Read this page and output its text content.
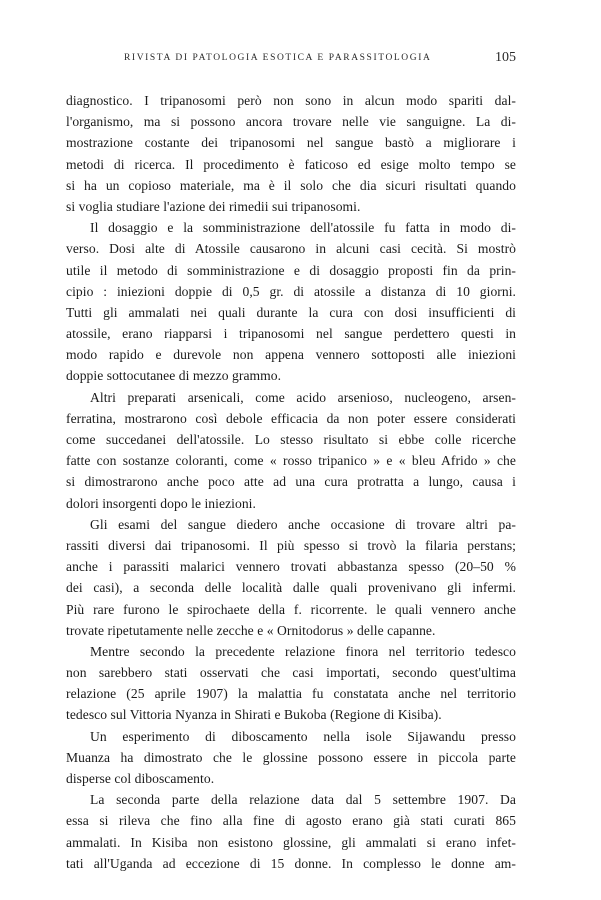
RIVISTA DI PATOLOGIA ESOTICA E PARASSITOLOGIA	105
diagnostico. I tripanosomi però non sono in alcun modo spariti dal-
l'organismo, ma si possono ancora trovare nelle vie sanguigne. La di-
mostrazione costante dei tripanosomi nel sangue bastò a migliorare i
metodi di ricerca. Il procedimento è faticoso ed esige molto tempo se
si ha un copioso materiale, ma è il solo che dia sicuri risultati quando
si voglia studiare l'azione dei rimedii sui tripanosomi.
Il dosaggio e la somministrazione dell'atossile fu fatta in modo di-
verso. Dosi alte di Atossile causarono in alcuni casi cecità. Si mostrò
utile il metodo di somministrazione e di dosaggio proposti fin da prin-
cipio : iniezioni doppie di 0,5 gr. di atossile a distanza di 10 giorni.
Tutti gli ammalati nei quali durante la cura con dosi insufficienti di
atossile, erano riapparsi i tripanosomi nel sangue perdettero questi in
modo rapido e durevole non appena vennero sottoposti alle iniezioni
doppie sottocutanee di mezzo grammo.
Altri preparati arsenicali, come acido arsenioso, nucleogeno, arsen-
ferratina, mostrarono così debole efficacia da non poter essere considerati
come succedanei dell'atossile. Lo stesso risultato si ebbe colle ricerche
fatte con sostanze coloranti, come « rosso tripanico » e « bleu Afrido » che
si dimostrarono anche poco atte ad una cura protratta a lungo, causa i
dolori insorgenti dopo le iniezioni.
Gli esami del sangue diedero anche occasione di trovare altri pa-
rassiti diversi dai tripanosomi. Il più spesso si trovò la filaria perstans;
anche i parassiti malarici vennero trovati abbastanza spesso (20–50 %
dei casi), a seconda delle località dalle quali provenivano gli infermi.
Più rare furono le spirochaete della f. ricorrente. le quali vennero anche
trovate ripetutamente nelle zecche e « Ornitodorus » delle capanne.
Mentre secondo la precedente relazione finora nel territorio tedesco
non sarebbero stati osservati che casi importati, secondo quest'ultima
relazione (25 aprile 1907) la malattia fu constatata anche nel territorio
tedesco sul Vittoria Nyanza in Shirati e Bukoba (Regione di Kisiba).
Un esperimento di diboscamento nella isole Sijawandu presso
Muanza ha dimostrato che le glossine possono essere in piccola parte
disperse col diboscamento.
La seconda parte della relazione data dal 5 settembre 1907. Da
essa si rileva che fino alla fine di agosto erano già stati curati 865
ammalati. In Kisiba non esistono glossine, gli ammalati si erano infet-
tati all'Uganda ad eccezione di 15 donne. In complesso le donne am-
